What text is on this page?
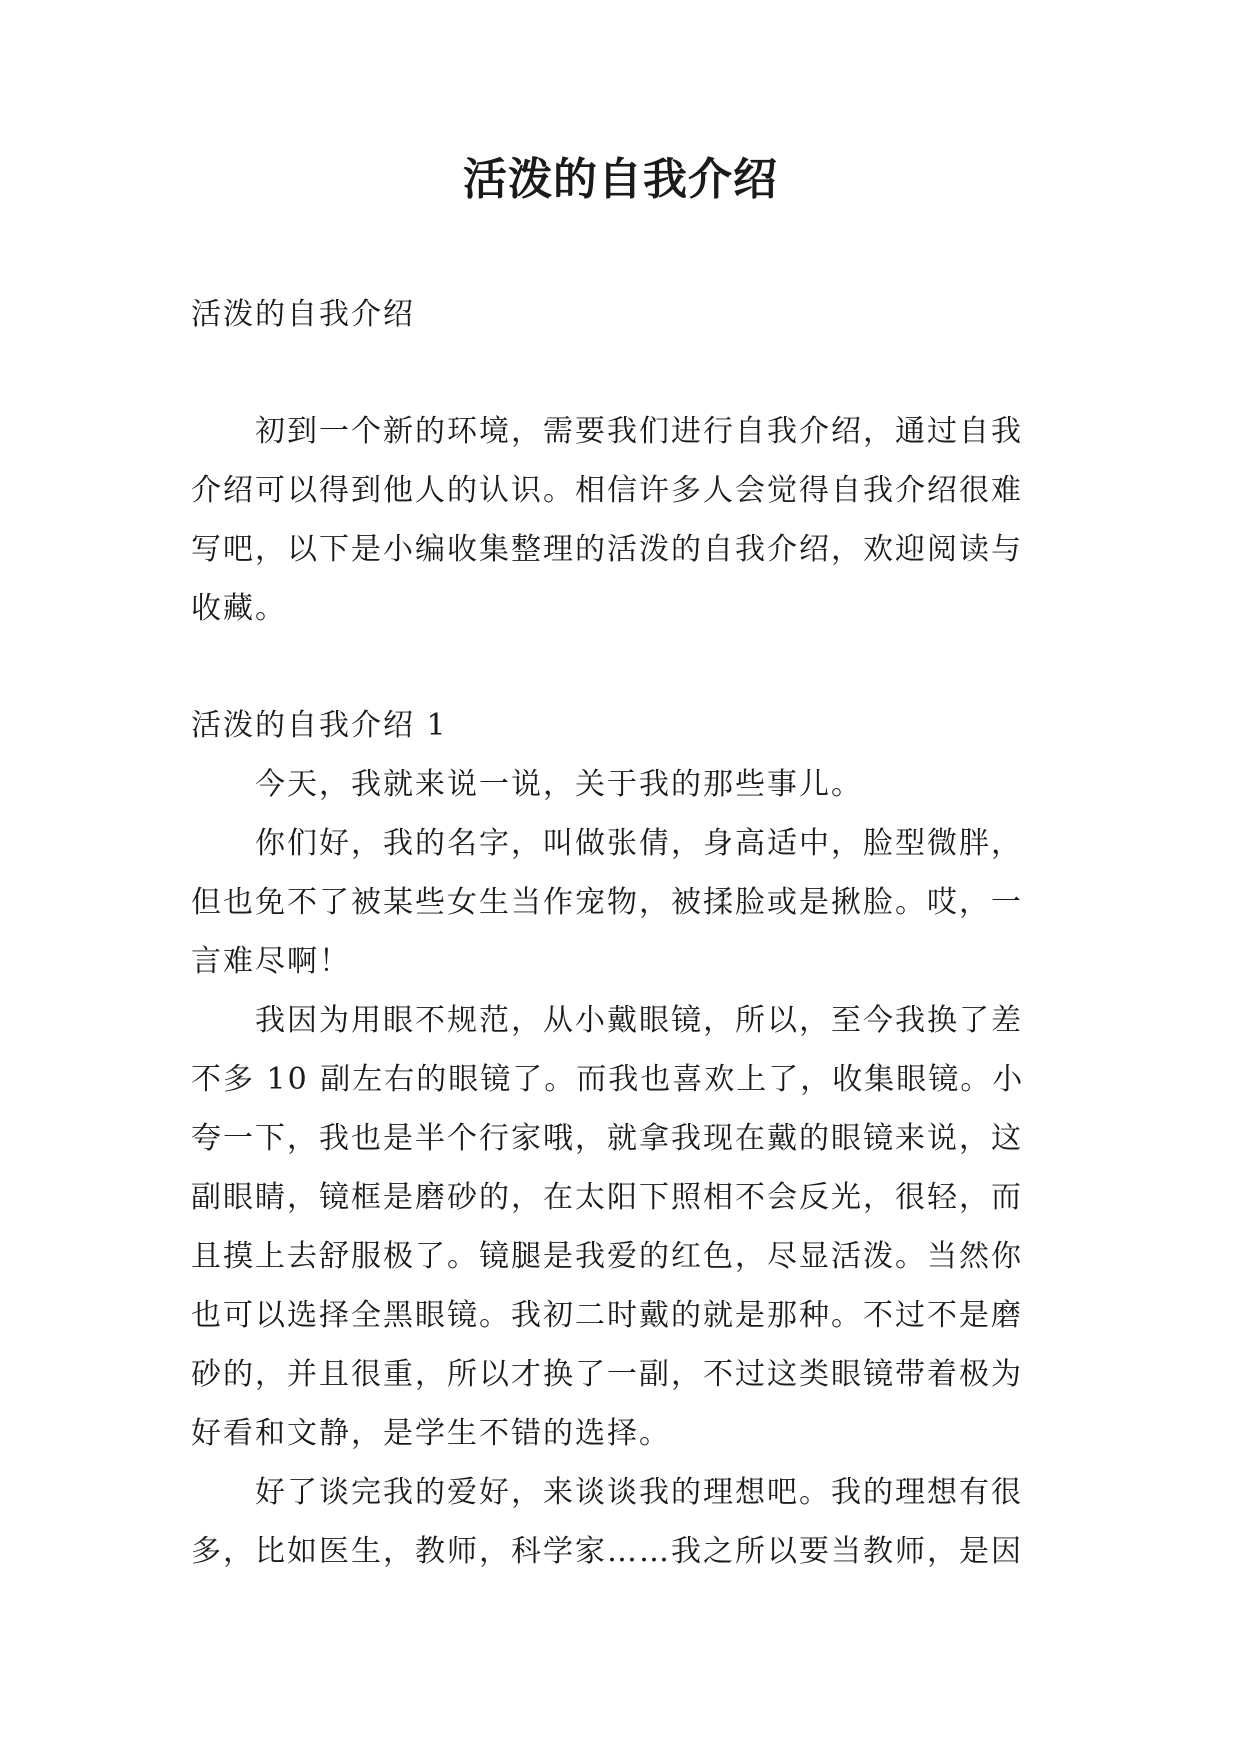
活泼的自我介绍

活泼的自我介绍

初到一个新的环境，需要我们进行自我介绍，通过自我介绍可以得到他人的认识。相信许多人会觉得自我介绍很难写吧，以下是小编收集整理的活泼的自我介绍，欢迎阅读与收藏。

活泼的自我介绍 1

今天，我就来说一说，关于我的那些事儿。

你们好，我的名字，叫做张倩，身高适中，脸型微胖，但也免不了被某些女生当作宠物，被揉脸或是揪脸。哎，一言难尽啊！

我因为用眼不规范，从小戴眼镜，所以，至今我换了差不多 10 副左右的眼镜了。而我也喜欢上了，收集眼镜。小夸一下，我也是半个行家哦，就拿我现在戴的眼镜来说，这副眼睛，镜框是磨砂的，在太阳下照相不会反光，很轻，而且摸上去舒服极了。镜腿是我爱的红色，尽显活泼。当然你也可以选择全黑眼镜。我初二时戴的就是那种。不过不是磨砂的，并且很重，所以才换了一副，不过这类眼镜带着极为好看和文静，是学生不错的选择。

好了谈完我的爱好，来谈谈我的理想吧。我的理想有很多，比如医生，教师，科学家……我之所以要当教师，是因
